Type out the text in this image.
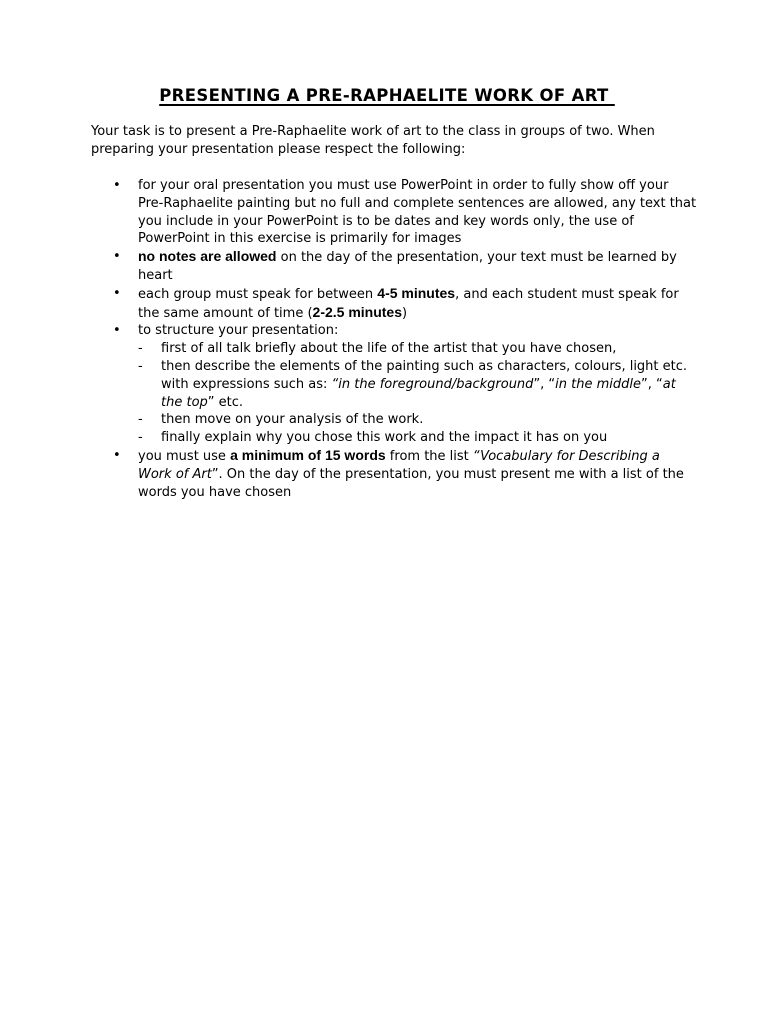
PRESENTING A PRE-RAPHAELITE WORK OF ART

Your task is to present a Pre-Raphaelite work of art to the class in groups of two. When

preparing your presentation please respect the following:

•	for your oral presentation you must use PowerPoint in order to fully show off your
Pre-Raphaelite painting but no full and complete sentences are allowed, any text that
you include in your PowerPoint is to be dates and key words only, the use of
PowerPoint in this exercise is primarily for images
•	no notes are allowed on the day of the presentation, your text must be learned by
heart
•	each group must speak for between 4-5 minutes, and each student must speak for
the same amount of time (2-2.5 minutes)
•	to structure your presentation:
- first of all talk briefly about the life of the artist that you have chosen,
- then describe the elements of the painting such as characters, colours, light etc.
with expressions such as: “in the foreground/background”, “in the middle”, “at
the top” etc.
- then move on your analysis of the work.
- finally explain why you chose this work and the impact it has on you
•	you must use a minimum of 15 words from the list “Vocabulary for Describing a
Work of Art”. On the day of the presentation, you must present me with a list of the
words you have chosen
